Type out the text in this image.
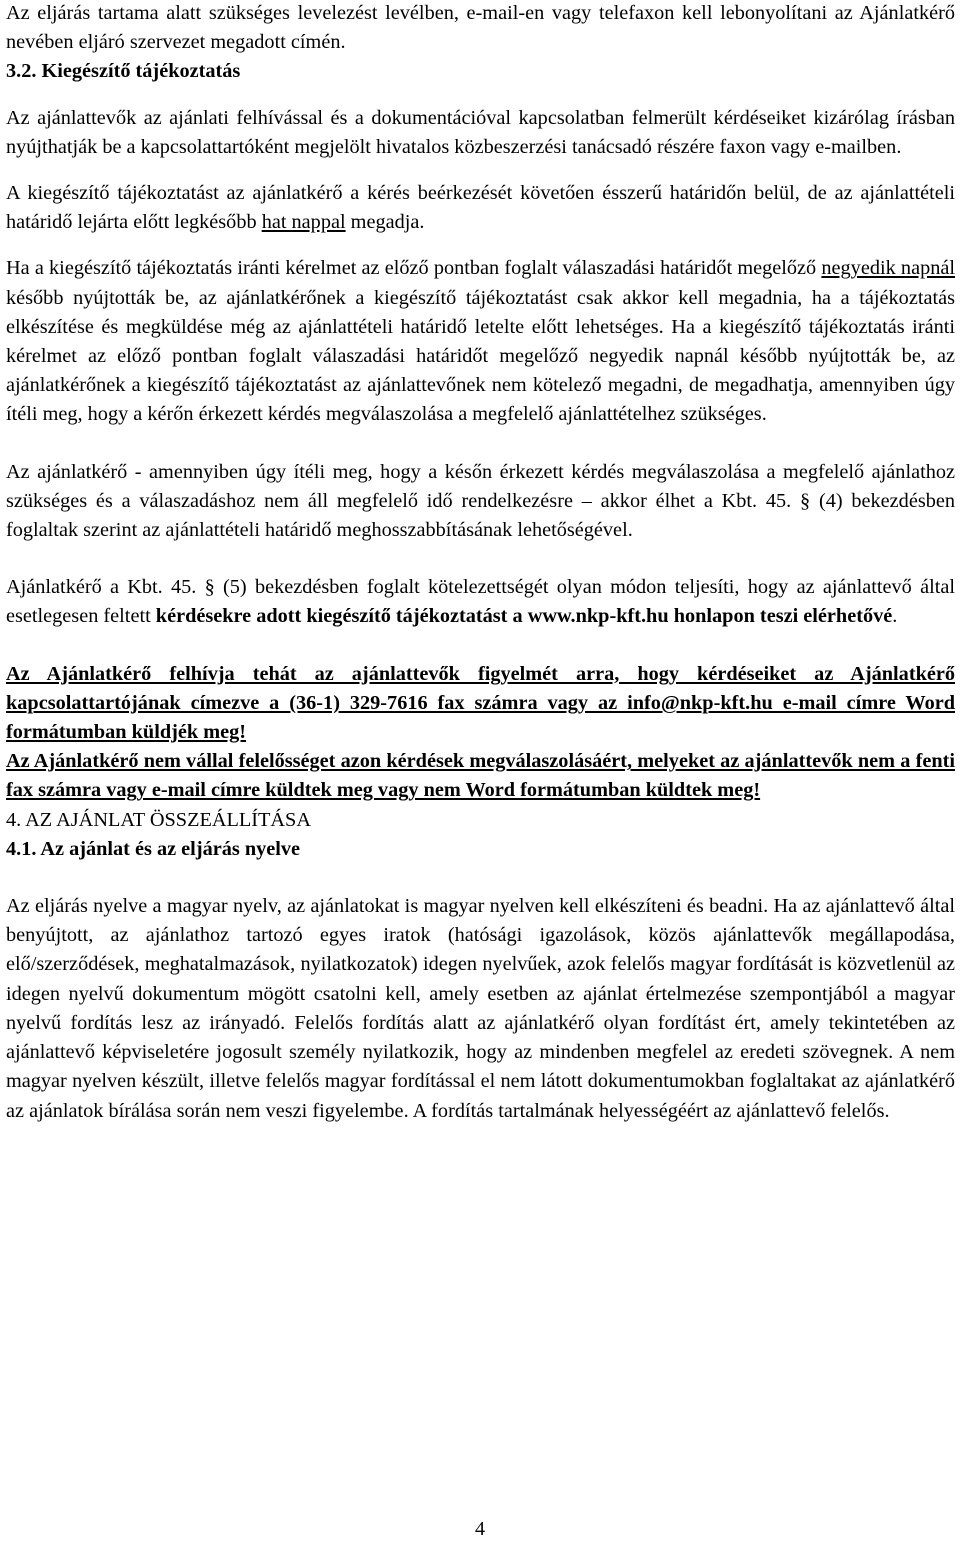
Az eljárás tartama alatt szükséges levelezést levélben, e-mail-en vagy telefaxon kell lebonyolítani az Ajánlatkérő nevében eljáró szervezet megadott címén.

3.2. Kiegészítő tájékoztatás

Az ajánlattevők az ajánlati felhívással és a dokumentációval kapcsolatban felmerült kérdéseiket kizárólag írásban nyújthatják be a kapcsolattartóként megjelölt hivatalos közbeszerzési tanácsadó részére faxon vagy e-mailben.

A kiegészítő tájékoztatást az ajánlatkérő a kérés beérkezését követően ésszerű határidőn belül, de az ajánlattételi határidő lejárta előtt legkésőbb hat nappal megadja.

Ha a kiegészítő tájékoztatás iránti kérelmet az előző pontban foglalt válaszadási határidőt megelőző negyedik napnál később nyújtották be, az ajánlatkérőnek a kiegészítő tájékoztatást csak akkor kell megadnia, ha a tájékoztatás elkészítése és megküldése még az ajánlattételi határidő letelte előtt lehetséges. Ha a kiegészítő tájékoztatás iránti kérelmet az előző pontban foglalt válaszadási határidőt megelőző negyedik napnál később nyújtották be, az ajánlatkérőnek a kiegészítő tájékoztatást az ajánlattevőnek nem kötelező megadni, de megadhatja, amennyiben úgy ítéli meg, hogy a kérőn érkezett kérdés megválaszolása a megfelelő ajánlattételhez szükséges.

Az ajánlatkérő - amennyiben úgy ítéli meg, hogy a későn érkezett kérdés megválaszolása a megfelelő ajánlathoz szükséges és a válaszadáshoz nem áll megfelelő idő rendelkezésre – akkor élhet a Kbt. 45. § (4) bekezdésben foglaltak szerint az ajánlattételi határidő meghosszabbításának lehetőségével.

Ajánlatkérő a Kbt. 45. § (5) bekezdésben foglalt kötelezettségét olyan módon teljesíti, hogy az ajánlattevő által esetlegesen feltett kérdésekre adott kiegészítő tájékoztatást a www.nkp-kft.hu honlapon teszi elérhetővé.

Az Ajánlatkérő felhívja tehát az ajánlattevők figyelmét arra, hogy kérdéseiket az Ajánlatkérő kapcsolattartójának címezve a (36-1) 329-7616 fax számra vagy az info@nkp-kft.hu e-mail címre Word formátumban küldjék meg!

Az Ajánlatkérő nem vállal felelősséget azon kérdések megválaszolásáért, melyeket az ajánlattevők nem a fenti fax számra vagy e-mail címre küldtek meg vagy nem Word formátumban küldtek meg!

4. AZ AJÁNLAT ÖSSZEÁLLÍTÁSA

4.1. Az ajánlat és az eljárás nyelve

Az eljárás nyelve a magyar nyelv, az ajánlatokat is magyar nyelven kell elkészíteni és beadni. Ha az ajánlattevő által benyújtott, az ajánlathoz tartozó egyes iratok (hatósági igazolások, közös ajánlattevők megállapodása, elő/szerződések, meghatalmazások, nyilatkozatok) idegen nyelvűek, azok felelős magyar fordítását is közvetlenül az idegen nyelvű dokumentum mögött csatolni kell, amely esetben az ajánlat értelmezése szempontjából a magyar nyelvű fordítás lesz az irányadó. Felelős fordítás alatt az ajánlatkérő olyan fordítást ért, amely tekintetében az ajánlattevő képviseletére jogosult személy nyilatkozik, hogy az mindenben megfelel az eredeti szövegnek. A nem magyar nyelven készült, illetve felelős magyar fordítással el nem látott dokumentumokban foglaltakat az ajánlatkérő az ajánlatok bírálása során nem veszi figyelembe. A fordítás tartalmának helyességéért az ajánlattevő felelős.

4
